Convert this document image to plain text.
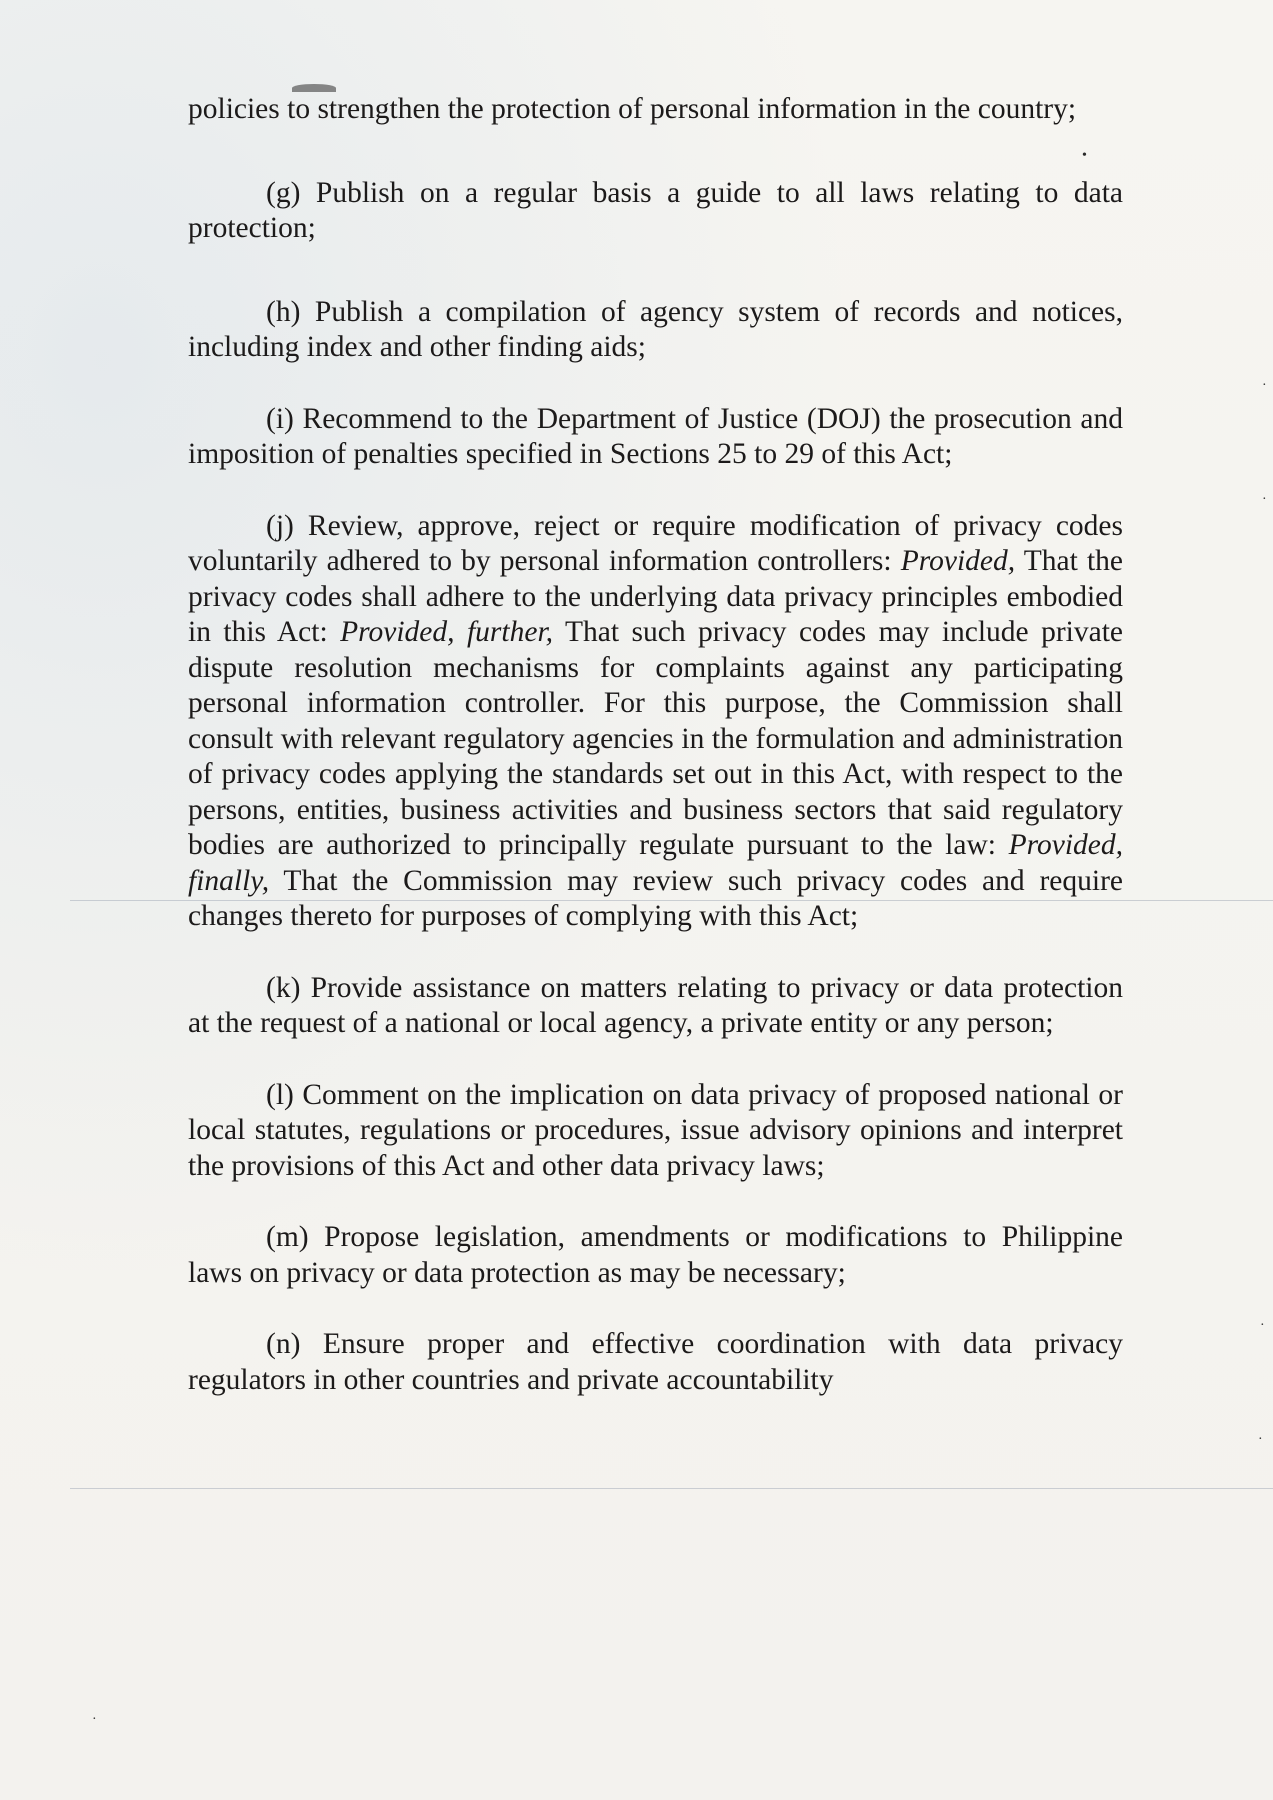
•
·
·
·
·
·

policies to strengthen the protection of personal information in the country;

(g) Publish on a regular basis a guide to all laws relating to data protection;

(h) Publish a compilation of agency system of records and notices, including index and other finding aids;

(i) Recommend to the Department of Justice (DOJ) the prosecution and imposition of penalties specified in Sections 25 to 29 of this Act;

(j) Review, approve, reject or require modification of privacy codes voluntarily adhered to by personal information controllers: Provided, That the privacy codes shall adhere to the underlying data privacy principles embodied in this Act: Provided, further, That such privacy codes may include private dispute resolution mechanisms for complaints against any participating personal information controller. For this purpose, the Commission shall consult with relevant regulatory agencies in the formulation and administration of privacy codes applying the standards set out in this Act, with respect to the persons, entities, business activities and business sectors that said regulatory bodies are authorized to principally regulate pursuant to the law: Provided, finally, That the Commission may review such privacy codes and require changes thereto for purposes of complying with this Act;

(k) Provide assistance on matters relating to privacy or data protection at the request of a national or local agency, a private entity or any person;

(l) Comment on the implication on data privacy of proposed national or local statutes, regulations or procedures, issue advisory opinions and interpret the provisions of this Act and other data privacy laws;

(m) Propose legislation, amendments or modifications to Philippine laws on privacy or data protection as may be necessary;

(n) Ensure proper and effective coordination with data privacy regulators in other countries and private accountability
